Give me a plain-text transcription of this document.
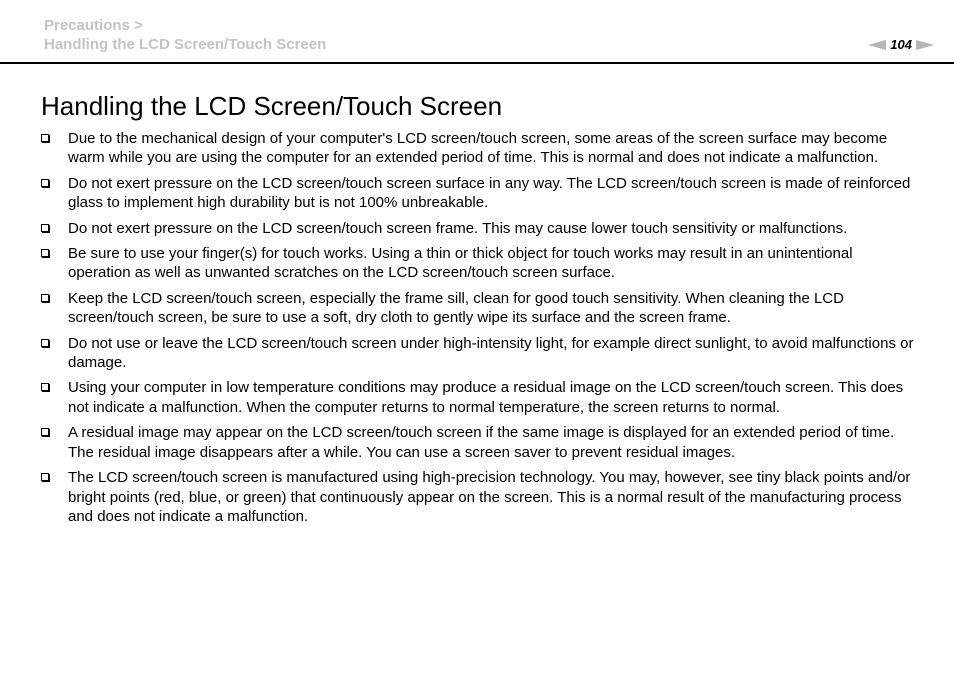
Precautions >
Handling the LCD Screen/Touch Screen	104
Handling the LCD Screen/Touch Screen
Due to the mechanical design of your computer's LCD screen/touch screen, some areas of the screen surface may become warm while you are using the computer for an extended period of time. This is normal and does not indicate a malfunction.
Do not exert pressure on the LCD screen/touch screen surface in any way. The LCD screen/touch screen is made of reinforced glass to implement high durability but is not 100% unbreakable.
Do not exert pressure on the LCD screen/touch screen frame. This may cause lower touch sensitivity or malfunctions.
Be sure to use your finger(s) for touch works. Using a thin or thick object for touch works may result in an unintentional operation as well as unwanted scratches on the LCD screen/touch screen surface.
Keep the LCD screen/touch screen, especially the frame sill, clean for good touch sensitivity. When cleaning the LCD screen/touch screen, be sure to use a soft, dry cloth to gently wipe its surface and the screen frame.
Do not use or leave the LCD screen/touch screen under high-intensity light, for example direct sunlight, to avoid malfunctions or damage.
Using your computer in low temperature conditions may produce a residual image on the LCD screen/touch screen. This does not indicate a malfunction. When the computer returns to normal temperature, the screen returns to normal.
A residual image may appear on the LCD screen/touch screen if the same image is displayed for an extended period of time. The residual image disappears after a while. You can use a screen saver to prevent residual images.
The LCD screen/touch screen is manufactured using high-precision technology. You may, however, see tiny black points and/or bright points (red, blue, or green) that continuously appear on the screen. This is a normal result of the manufacturing process and does not indicate a malfunction.
